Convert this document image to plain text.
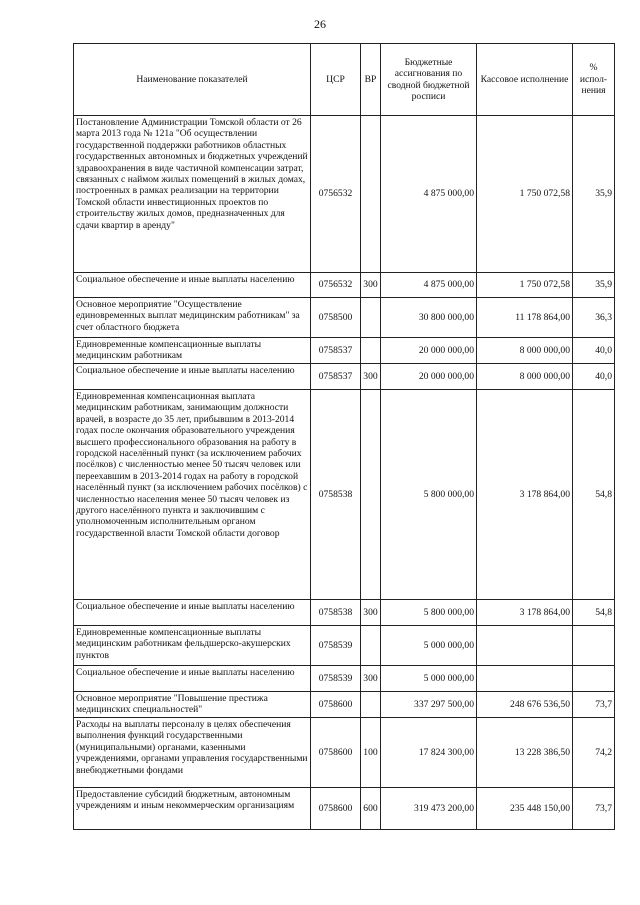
26
Наименование показателей	ЦСР	ВР	Бюджетные ассигнования по сводной бюджетной росписи	Кассовое исполнение	% испол-нения
Постановление Администрации Томской области от 26 марта 2013 года № 121а "Об осуществлении государственной поддержки работников областных государственных автономных и бюджетных учреждений здравоохранения в виде частичной компенсации затрат, связанных с наймом жилых помещений в жилых домах, построенных в рамках реализации на территории Томской области инвестиционных проектов по строительству жилых домов, предназначенных для сдачи квартир в аренду"	0756532		4 875 000,00	1 750 072,58	35,9
Социальное обеспечение и иные выплаты населению	0756532	300	4 875 000,00	1 750 072,58	35,9
Основное мероприятие "Осуществление единовременных выплат медицинским работникам" за счет областного бюджета	0758500		30 800 000,00	11 178 864,00	36,3
Единовременные компенсационные выплаты медицинским работникам	0758537		20 000 000,00	8 000 000,00	40,0
Социальное обеспечение и иные выплаты населению	0758537	300	20 000 000,00	8 000 000,00	40,0
Единовременная компенсационная выплата медицинским работникам, занимающим должности врачей, в возрасте до 35 лет, прибывшим в 2013-2014 годах после окончания образовательного учреждения высшего профессионального образования на работу в городской населённый пункт (за исключением рабочих посёлков) с численностью менее 50 тысяч человек или переехавшим в 2013-2014 годах на работу в городской населённый пункт (за исключением рабочих посёлков) с численностью населения менее 50 тысяч человек из другого населённого пункта и заключившим с уполномоченным исполнительным органом государственной власти Томской области договор	0758538		5 800 000,00	3 178 864,00	54,8
Социальное обеспечение и иные выплаты населению	0758538	300	5 800 000,00	3 178 864,00	54,8
Единовременные компенсационные выплаты медицинским работникам фельдшерско-акушерских пунктов	0758539		5 000 000,00		
Социальное обеспечение и иные выплаты населению	0758539	300	5 000 000,00		
Основное мероприятие "Повышение престижа медицинских специальностей"	0758600		337 297 500,00	248 676 536,50	73,7
Расходы на выплаты персоналу в целях обеспечения выполнения функций государственными (муниципальными) органами, казенными учреждениями, органами управления государственными внебюджетными фондами	0758600	100	17 824 300,00	13 228 386,50	74,2
Предоставление субсидий бюджетным, автономным учреждениям и иным некоммерческим организациям	0758600	600	319 473 200,00	235 448 150,00	73,7
